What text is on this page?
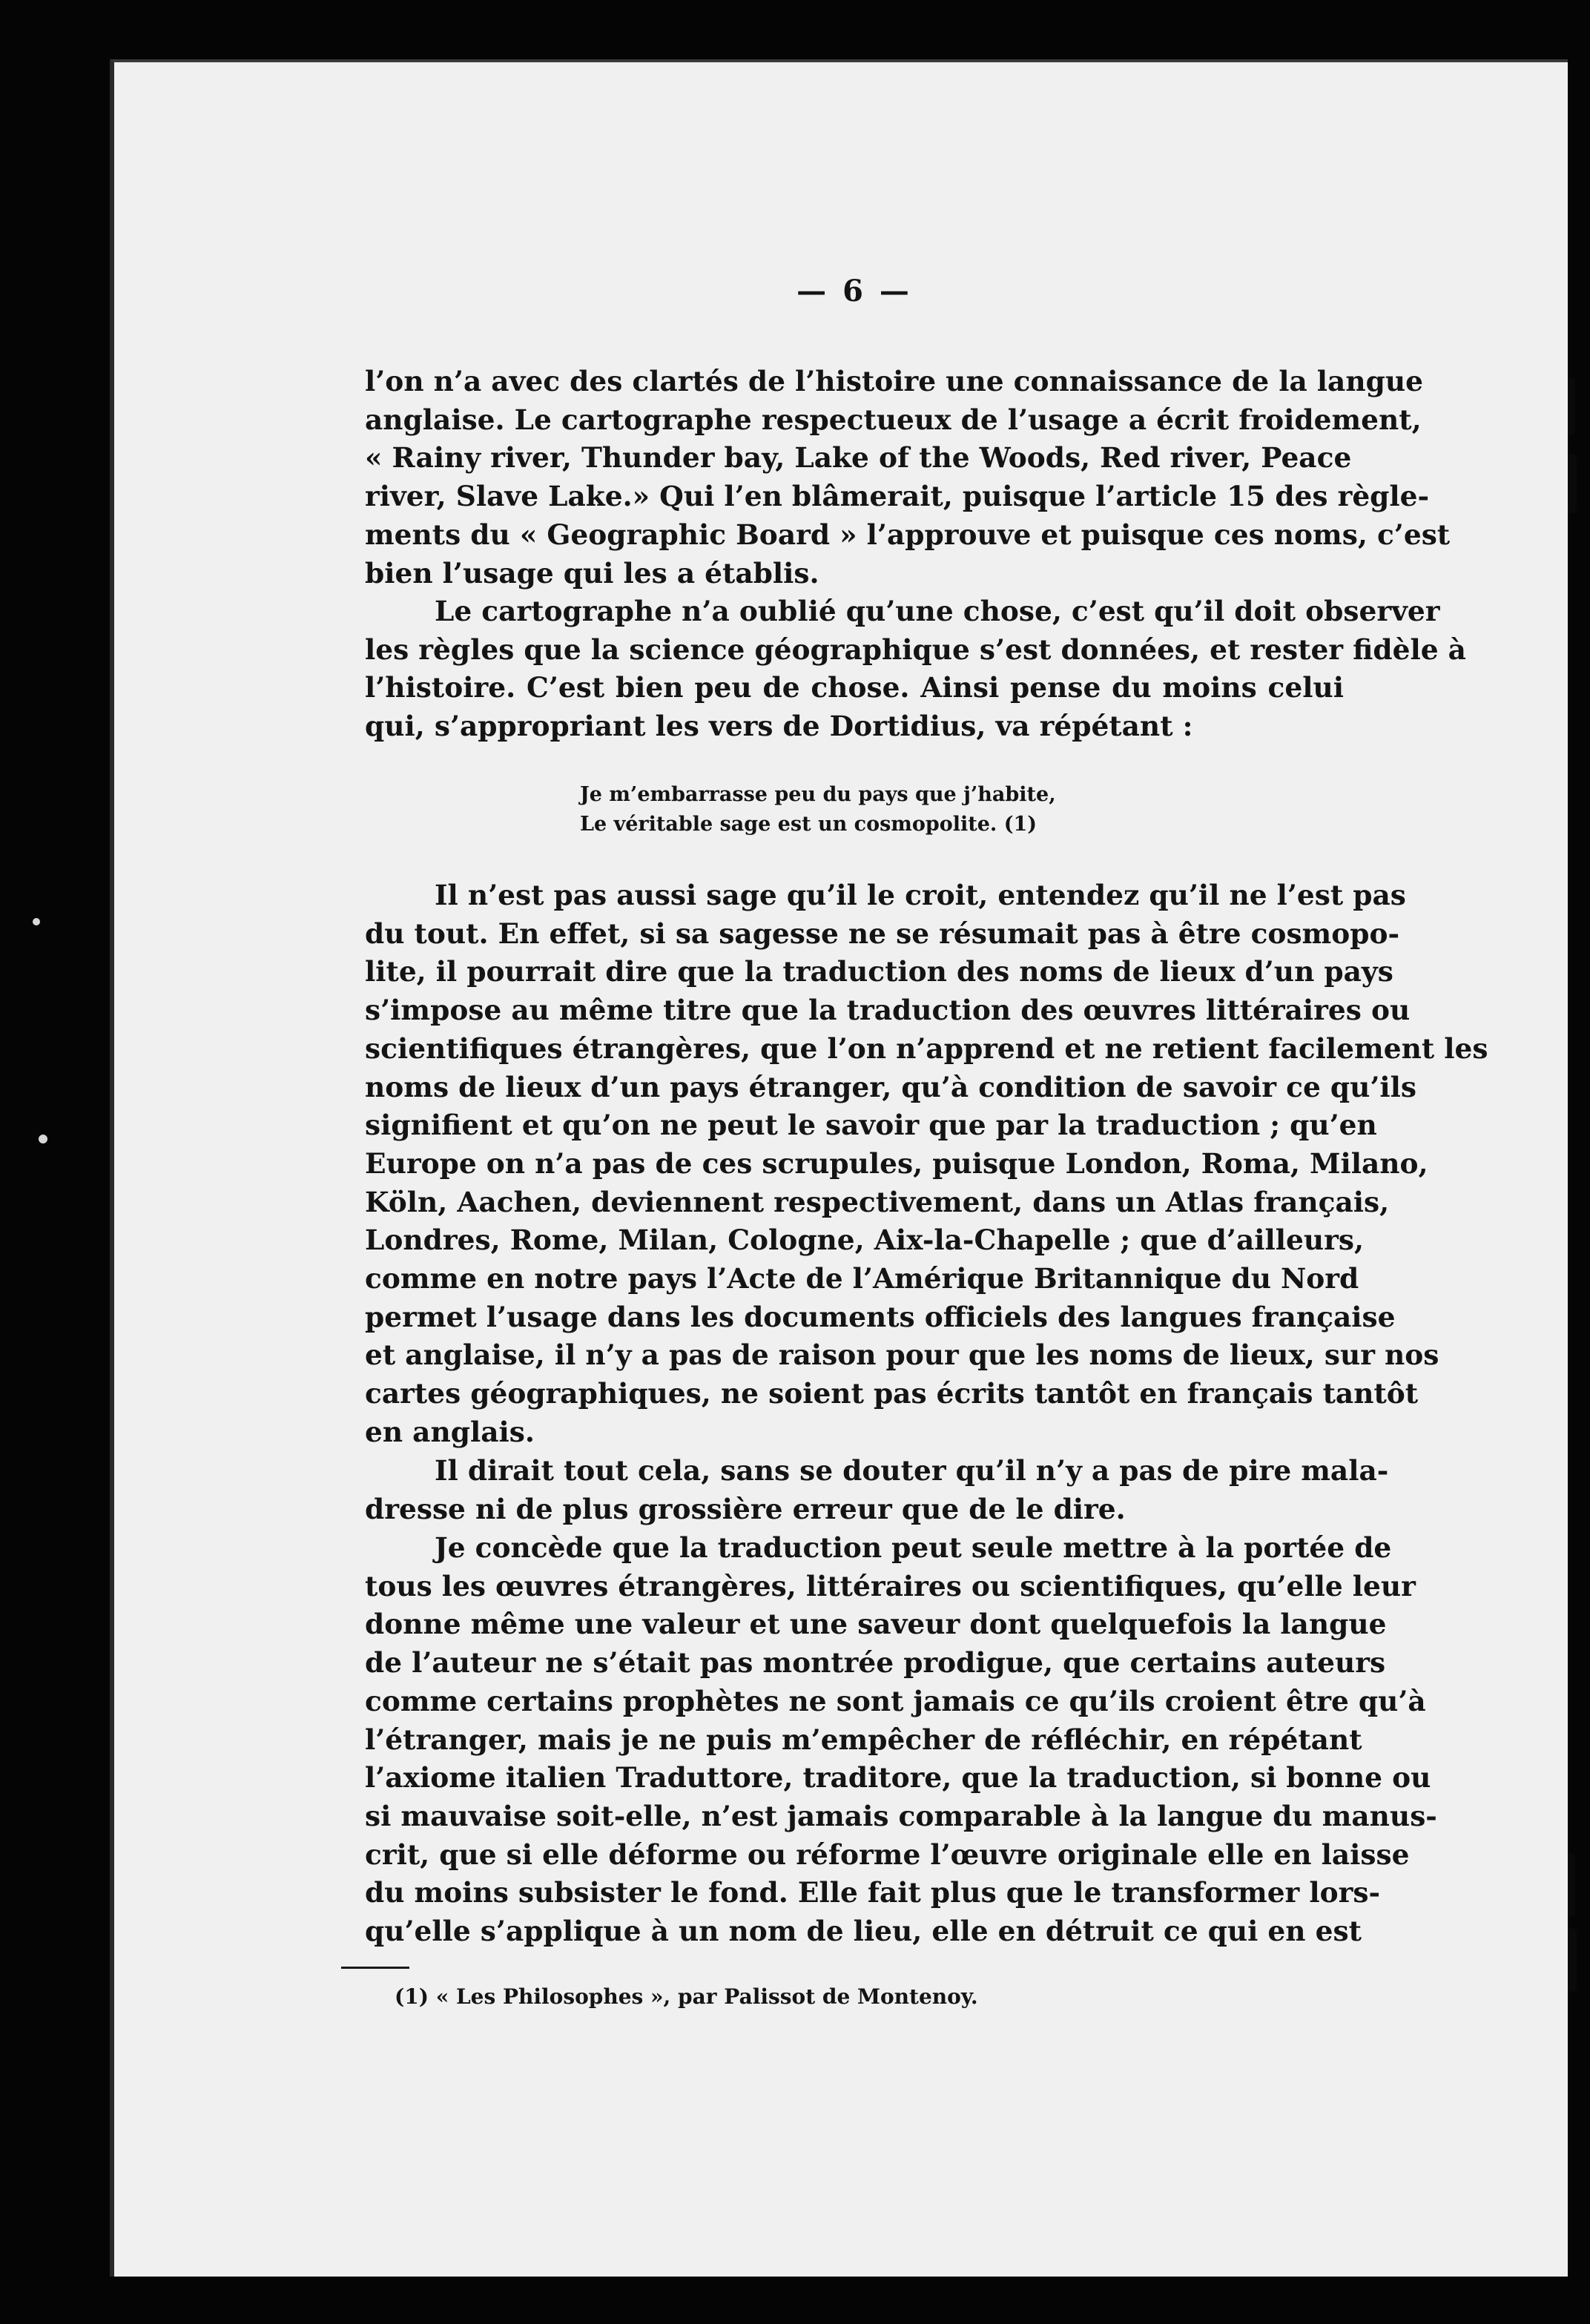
— 6 —
l’on n’a avec des clartés de l’histoire une connaissance de la langue
anglaise. Le cartographe respectueux de l’usage a écrit froidement,
« Rainy river, Thunder bay, Lake of the Woods, Red river, Peace
river, Slave Lake.» Qui l’en blâmerait, puisque l’article 15 des règle-
ments du « Geographic Board » l’approuve et puisque ces noms, c’est
bien l’usage qui les a établis.
Le cartographe n’a oublié qu’une chose, c’est qu’il doit observer
les règles que la science géographique s’est données, et rester fidèle à
l’histoire. C’est bien peu de chose. Ainsi pense du moins celui
qui, s’appropriant les vers de Dortidius, va répétant :
Je m’embarrasse peu du pays que j’habite,
Le véritable sage est un cosmopolite. (1)
Il n’est pas aussi sage qu’il le croit, entendez qu’il ne l’est pas
du tout. En effet, si sa sagesse ne se résumait pas à être cosmopo-
lite, il pourrait dire que la traduction des noms de lieux d’un pays
s’impose au même titre que la traduction des œuvres littéraires ou
scientifiques étrangères, que l’on n’apprend et ne retient facilement les
noms de lieux d’un pays étranger, qu’à condition de savoir ce qu’ils
signifient et qu’on ne peut le savoir que par la traduction ; qu’en
Europe on n’a pas de ces scrupules, puisque London, Roma, Milano,
Köln, Aachen, deviennent respectivement, dans un Atlas français,
Londres, Rome, Milan, Cologne, Aix-la-Chapelle ; que d’ailleurs,
comme en notre pays l’Acte de l’Amérique Britannique du Nord
permet l’usage dans les documents officiels des langues française
et anglaise, il n’y a pas de raison pour que les noms de lieux, sur nos
cartes géographiques, ne soient pas écrits tantôt en français tantôt
en anglais.
Il dirait tout cela, sans se douter qu’il n’y a pas de pire mala-
dresse ni de plus grossière erreur que de le dire.
Je concède que la traduction peut seule mettre à la portée de
tous les œuvres étrangères, littéraires ou scientifiques, qu’elle leur
donne même une valeur et une saveur dont quelquefois la langue
de l’auteur ne s’était pas montrée prodigue, que certains auteurs
comme certains prophètes ne sont jamais ce qu’ils croient être qu’à
l’étranger, mais je ne puis m’empêcher de réfléchir, en répétant
l’axiome italien Traduttore, traditore, que la traduction, si bonne ou
si mauvaise soit-elle, n’est jamais comparable à la langue du manus-
crit, que si elle déforme ou réforme l’œuvre originale elle en laisse
du moins subsister le fond. Elle fait plus que le transformer lors-
qu’elle s’applique à un nom de lieu, elle en détruit ce qui en est
(1) « Les Philosophes », par Palissot de Montenoy.
